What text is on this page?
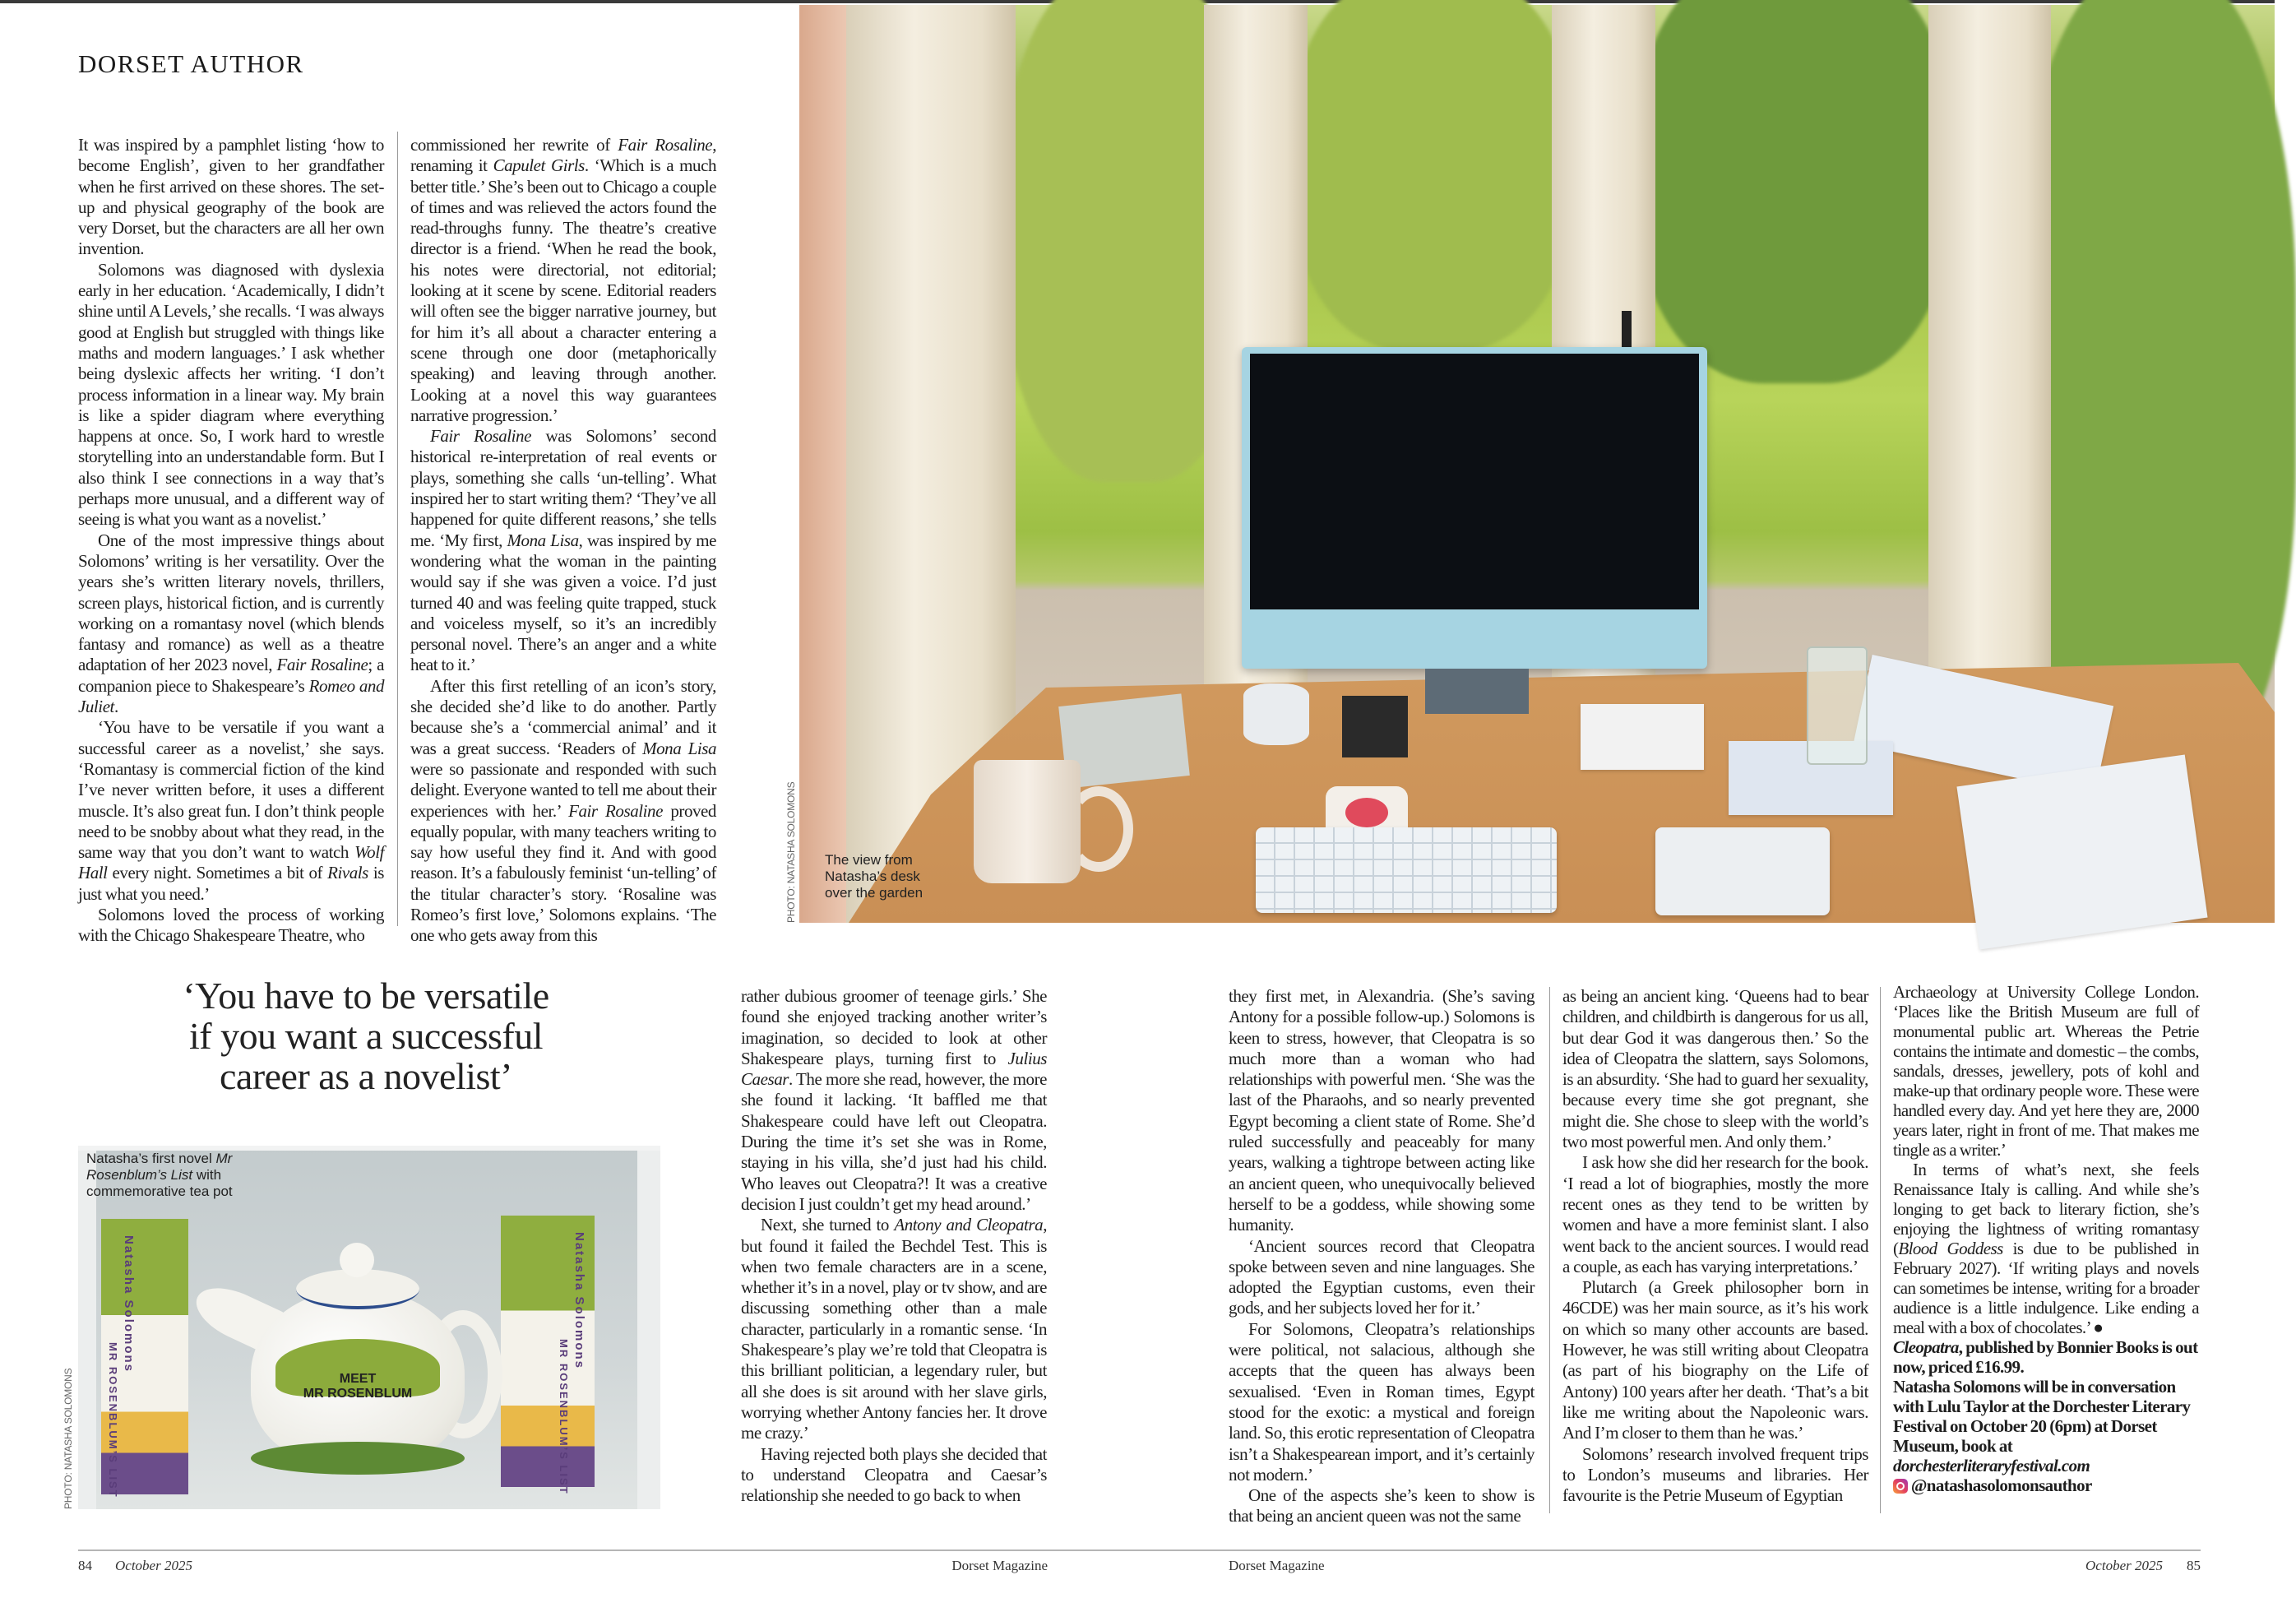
DORSET AUTHOR

It was inspired by a pamphlet listing ‘how to become English’, given to her grandfather when he first arrived on these shores. The set-up and physical geography of the book are very Dorset, but the characters are all her own invention.

Solomons was diagnosed with dyslexia early in her education. ‘Academically, I didn’t shine until A Levels,’ she recalls. ‘I was always good at English but struggled with things like maths and modern languages.’ I ask whether being dyslexic affects her writing. ‘I don’t process information in a linear way. My brain is like a spider diagram where everything happens at once. So, I work hard to wrestle storytelling into an understandable form. But I also think I see connections in a way that’s perhaps more unusual, and a different way of seeing is what you want as a novelist.’

One of the most impressive things about Solomons’ writing is her versatility. Over the years she’s written literary novels, thrillers, screen plays, historical fiction, and is currently working on a romantasy novel (which blends fantasy and romance) as well as a theatre adaptation of her 2023 novel, Fair Rosaline; a companion piece to Shakespeare’s Romeo and Juliet.

‘You have to be versatile if you want a successful career as a novelist,’ she says. ‘Romantasy is commercial fiction of the kind I’ve never written before, it uses a different muscle. It’s also great fun. I don’t think people need to be snobby about what they read, in the same way that you don’t want to watch Wolf Hall every night. Sometimes a bit of Rivals is just what you need.’

Solomons loved the process of working with the Chicago Shakespeare Theatre, who

commissioned her rewrite of Fair Rosaline, renaming it Capulet Girls. ‘Which is a much better title.’ She’s been out to Chicago a couple of times and was relieved the actors found the read-throughs funny. The theatre’s creative director is a friend. ‘When he read the book, his notes were directorial, not editorial; looking at it scene by scene. Editorial readers will often see the bigger narrative journey, but for him it’s all about a character entering a scene through one door (metaphorically speaking) and leaving through another. Looking at a novel this way guarantees narrative progression.’

Fair Rosaline was Solomons’ second historical re-interpretation of real events or plays, something she calls ‘un-telling’. What inspired her to start writing them? ‘They’ve all happened for quite different reasons,’ she tells me. ‘My first, Mona Lisa, was inspired by me wondering what the woman in the painting would say if she was given a voice. I’d just turned 40 and was feeling quite trapped, stuck and voiceless myself, so it’s an incredibly personal novel. There’s an anger and a white heat to it.’

After this first retelling of an icon’s story, she decided she’d like to do another. Partly because she’s a ‘commercial animal’ and it was a great success. ‘Readers of Mona Lisa were so passionate and responded with such delight. Everyone wanted to tell me about their experiences with her.’ Fair Rosaline proved equally popular, with many teachers writing to say how useful they find it. And with good reason. It’s a fabulously feminist ‘un-telling’ of the titular character’s story. ‘Rosaline was Romeo’s first love,’ Solomons explains. ‘The one who gets away from this

PHOTO: NATASHA SOLOMONS The view from
Natasha’s desk
over the garden
‘You have to be versatile
if you want a successful
career as a novelist’
PHOTO: NATASHA SOLOMONS
Natasha Solomons
MR ROSENBLUM’S LIST
Natasha Solomons
MR ROSENBLUM’S LIST
MEET
MR ROSENBLUM
Natasha’s first novel Mr Rosenblum’s List with commemorative tea pot

rather dubious groomer of teenage girls.’ She found she enjoyed tracking another writer’s imagination, so decided to look at other Shakespeare plays, turning first to Julius Caesar. The more she read, however, the more she found it lacking. ‘It baffled me that Shakespeare could have left out Cleopatra. During the time it’s set she was in Rome, staying in his villa, she’d just had his child. Who leaves out Cleopatra?! It was a creative decision I just couldn’t get my head around.’

Next, she turned to Antony and Cleopatra, but found it failed the Bechdel Test. This is when two female characters are in a scene, whether it’s in a novel, play or tv show, and are discussing something other than a male character, particularly in a romantic sense. ‘In Shakespeare’s play we’re told that Cleopatra is this brilliant politician, a legendary ruler, but all she does is sit around with her slave girls, worrying whether Antony fancies her. It drove me crazy.’

Having rejected both plays she decided that to understand Cleopatra and Caesar’s relationship she needed to go back to when

they first met, in Alexandria. (She’s saving Antony for a possible follow-up.) Solomons is keen to stress, however, that Cleopatra is so much more than a woman who had relationships with powerful men. ‘She was the last of the Pharaohs, and so nearly prevented Egypt becoming a client state of Rome. She’d ruled successfully and peaceably for many years, walking a tightrope between acting like an ancient queen, who unequivocally believed herself to be a goddess, while showing some humanity.

‘Ancient sources record that Cleopatra spoke between seven and nine languages. She adopted the Egyptian customs, even their gods, and her subjects loved her for it.’

For Solomons, Cleopatra’s relationships were political, not salacious, although she accepts that the queen has always been sexualised. ‘Even in Roman times, Egypt stood for the exotic: a mystical and foreign land. So, this erotic representation of Cleopatra isn’t a Shakespearean import, and it’s certainly not modern.’

One of the aspects she’s keen to show is that being an ancient queen was not the same

as being an ancient king. ‘Queens had to bear children, and childbirth is dangerous for us all, but dear God it was dangerous then.’ So the idea of Cleopatra the slattern, says Solomons, is an absurdity. ‘She had to guard her sexuality, because every time she got pregnant, she might die. She chose to sleep with the world’s two most powerful men. And only them.’

I ask how she did her research for the book. ‘I read a lot of biographies, mostly the more recent ones as they tend to be written by women and have a more feminist slant. I also went back to the ancient sources. I would read a couple, as each has varying interpretations.’

Plutarch (a Greek philosopher born in 46CDE) was her main source, as it’s his work on which so many other accounts are based. However, he was still writing about Cleopatra (as part of his biography on the Life of Antony) 100 years after her death. ‘That’s a bit like me writing about the Napoleonic wars. And I’m closer to them than he was.’

Solomons’ research involved frequent trips to London’s museums and libraries. Her favourite is the Petrie Museum of Egyptian

Archaeology at University College London. ‘Places like the British Museum are full of monumental public art. Whereas the Petrie contains the intimate and domestic – the combs, sandals, dresses, jewellery, pots of kohl and make-up that ordinary people wore. These were handled every day. And yet here they are, 2000 years later, right in front of me. That makes me tingle as a writer.’

In terms of what’s next, she feels Renaissance Italy is calling. And while she’s longing to get back to literary fiction, she’s enjoying the lightness of writing romantasy (Blood Goddess is due to be published in February 2027). ‘If writing plays and novels can sometimes be intense, writing for a broader audience is a little indulgence. Like ending a meal with a box of chocolates.’ ●

Cleopatra, published by Bonnier Books is out now, priced £16.99.
Natasha Solomons will be in conversation with Lulu Taylor at the Dorchester Literary Festival on October 20 (6pm) at Dorset Museum, book at dorchesterliteraryfestival.com
@natashasolomonsauthor
84 October 2025	Dorset Magazine	Dorset Magazine	October 2025	85
